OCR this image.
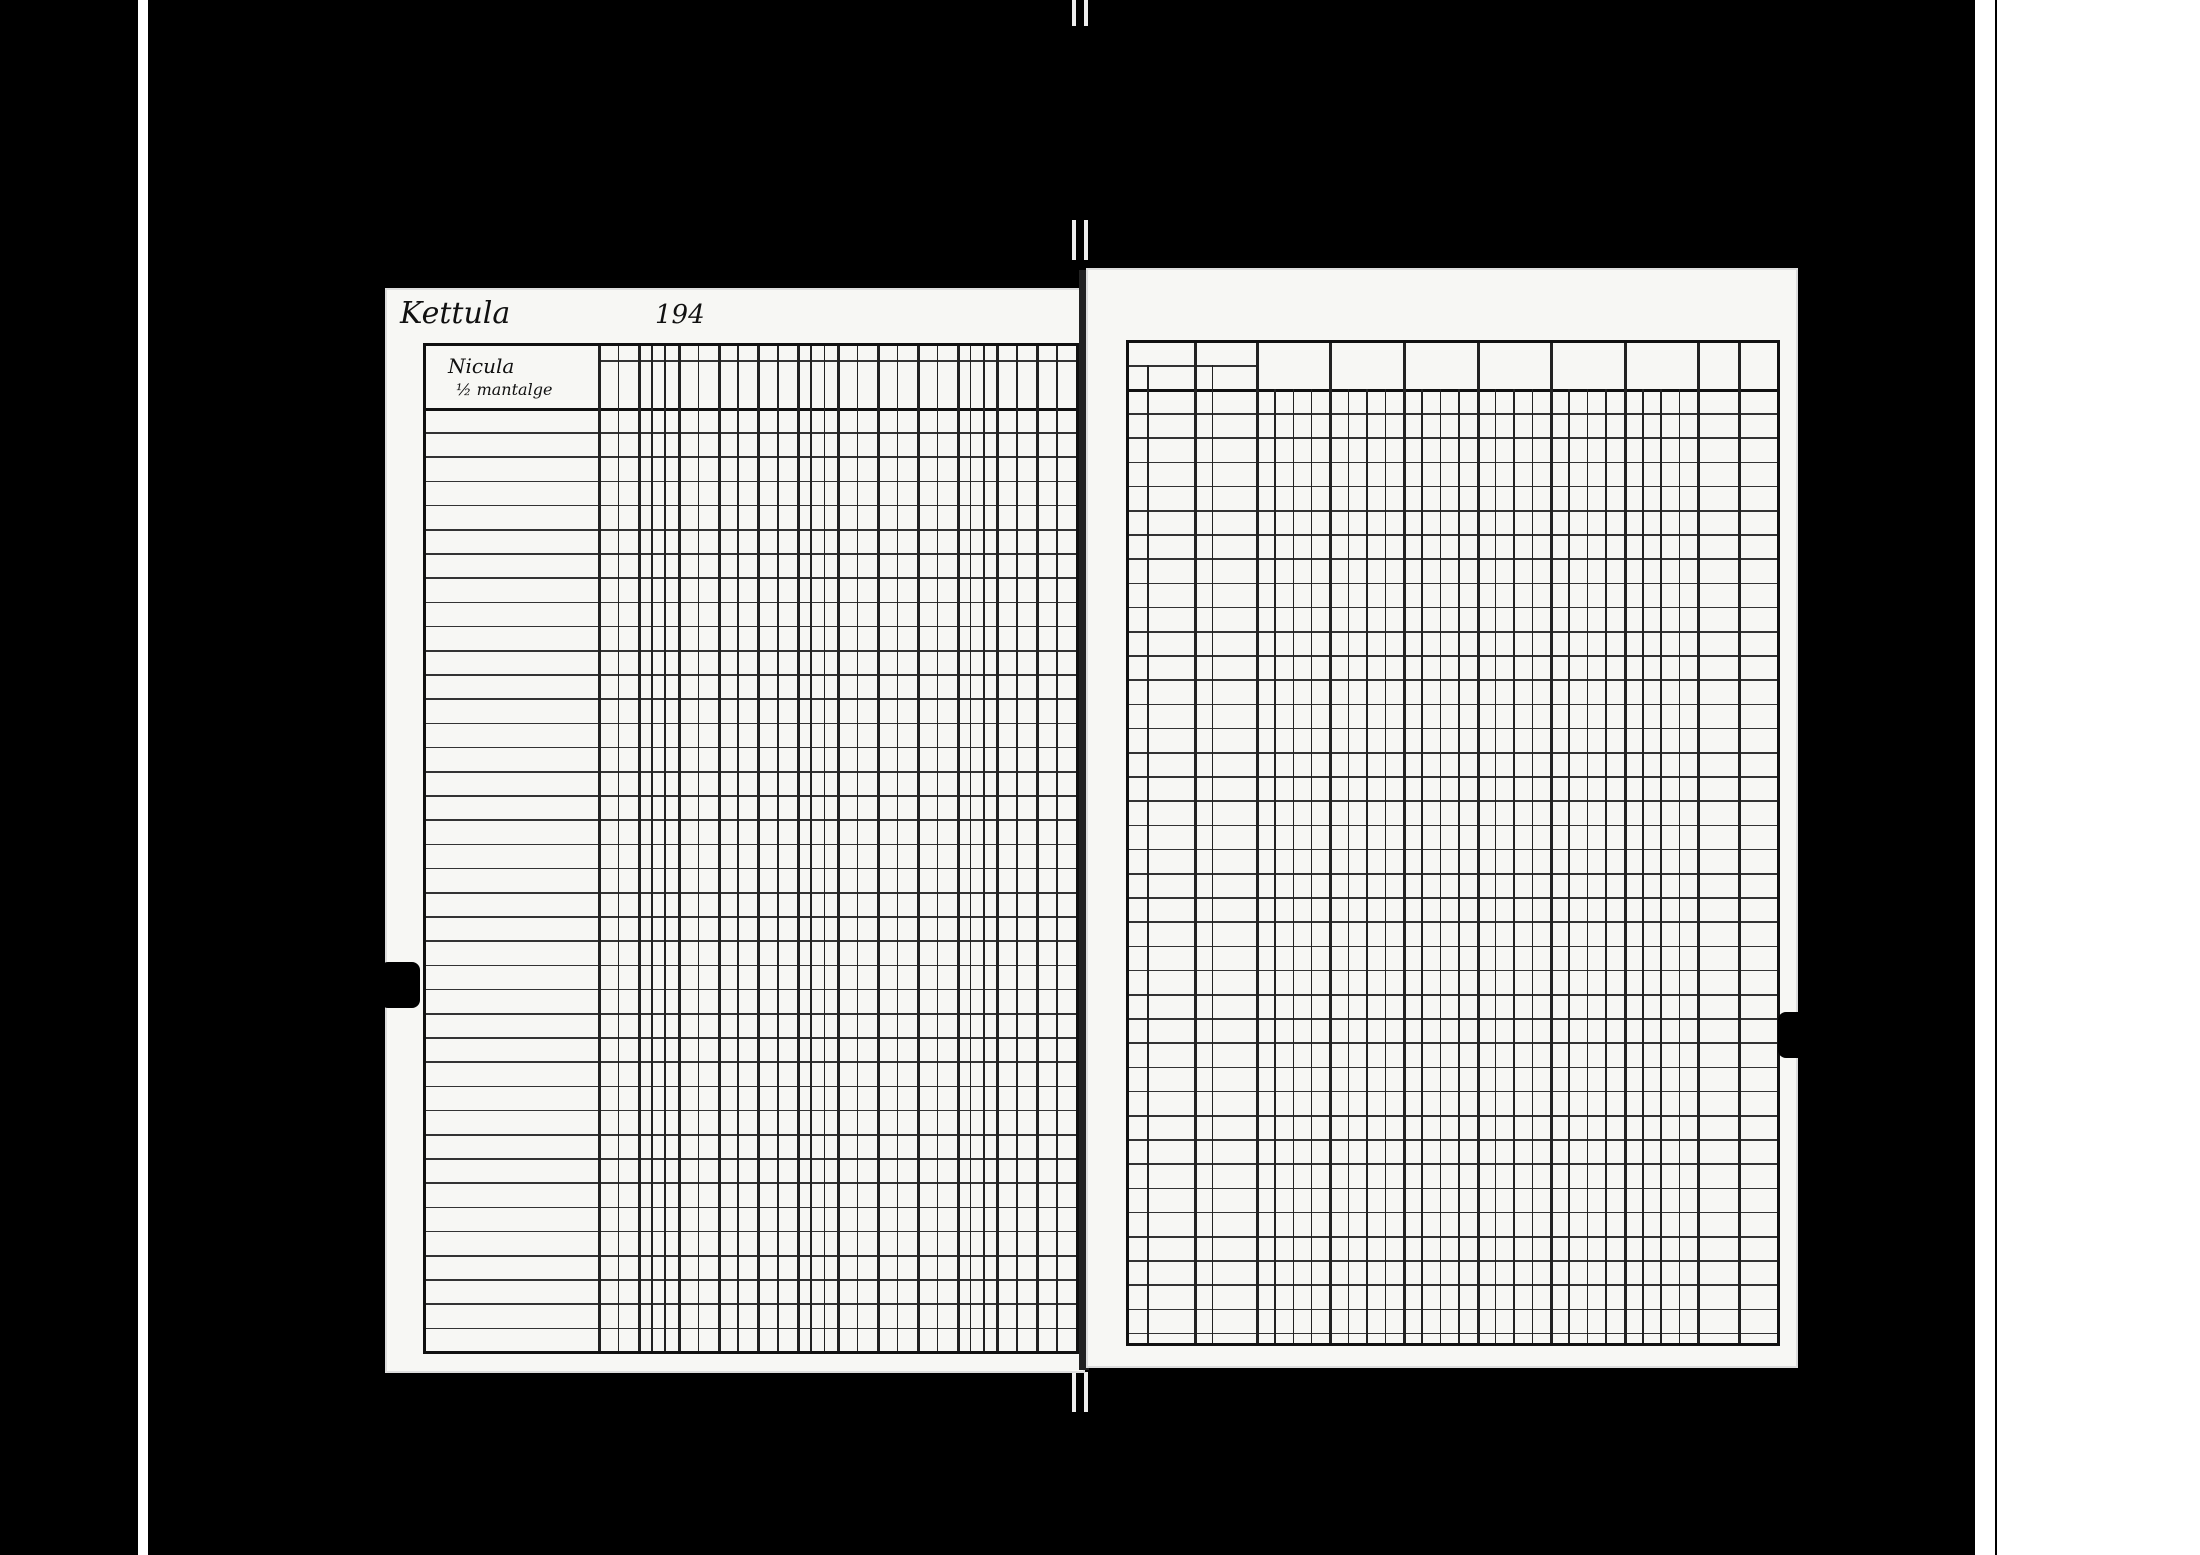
Kettula	194
Nicula
½ mantalge
